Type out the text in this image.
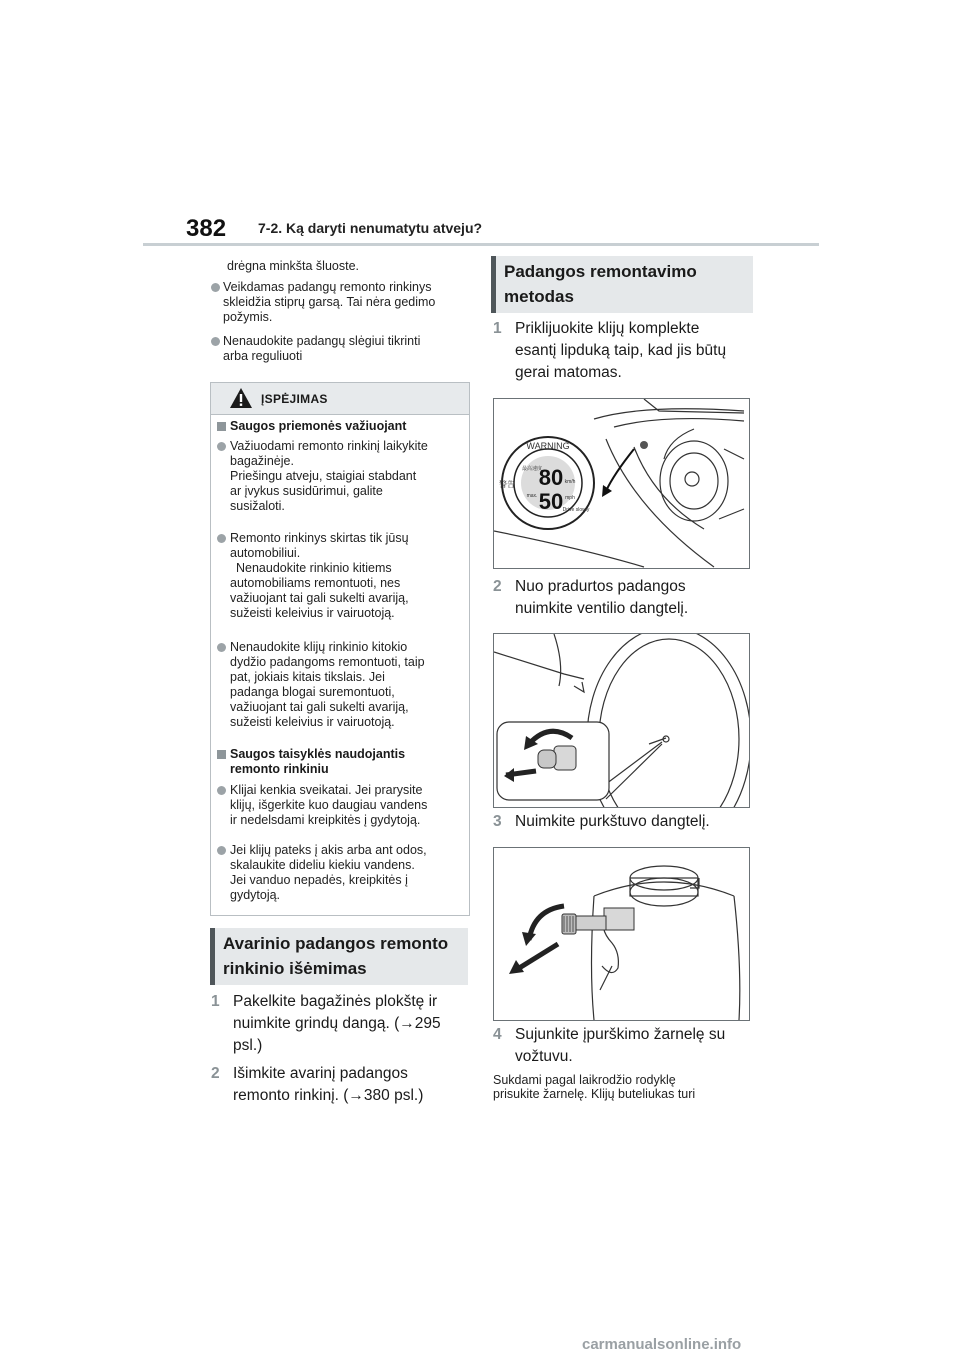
382 7-2. Ką daryti nenumatytu atveju?
drėgna minkšta šluoste.
Veikdamas padangų remonto rinkinys
skleidžia stiprų garsą. Tai nėra gedimo
požymis.
Nenaudokite padangų slėgiui tikrinti
arba reguliuoti
ĮSPĖJIMAS
Saugos priemonės važiuojant
Važiuodami remonto rinkinį laikykite
bagažinėje.
Priešingu atveju, staigiai stabdant
ar įvykus susidūrimui, galite
susižaloti.
Remonto rinkinys skirtas tik jūsų
automobiliui.
Nenaudokite rinkinio kitiems
automobiliams remontuoti, nes
važiuojant tai gali sukelti avariją,
sužeisti keleivius ir vairuotoją.
Nenaudokite klijų rinkinio kitokio
dydžio padangoms remontuoti, taip
pat, jokiais kitais tikslais. Jei
padanga blogai suremontuoti,
važiuojant tai gali sukelti avariją,
sužeisti keleivius ir vairuotoją.
Saugos taisyklės naudojantis
remonto rinkiniu
Klijai kenkia sveikatai. Jei prarysite
klijų, išgerkite kuo daugiau vandens
ir nedelsdami kreipkitės į gydytoją.
Jei klijų pateks į akis arba ant odos,
skalaukite dideliu kiekiu vandens.
Jei vanduo nepadės, kreipkitės į
gydytoją.
Avarinio padangos remonto
rinkinio išėmimas
1 Pakelkite bagažinės plokštę ir
nuimkite grindų dangą. (→295
psl.)
2 Išimkite avarinį padangos
remonto rinkinį. (→380 psl.)
Padangos remontavimo
metodas
1 Priklijuokite klijų komplekte
esantį lipduką taip, kad jis būtų
gerai matomas.
WARNING
警告
最高速度
max.
80
50
km/h
mph
Drive slowly
2 Nuo pradurtos padangos
nuimkite ventilio dangtelį.
3 Nuimkite purkštuvo dangtelį.
4 Sujunkite įpurškimo žarnelę su
vožtuvu.
Sukdami pagal laikrodžio rodyklę
prisukite žarnelę. Klijų buteliukas turi
carmanualsonline.info
